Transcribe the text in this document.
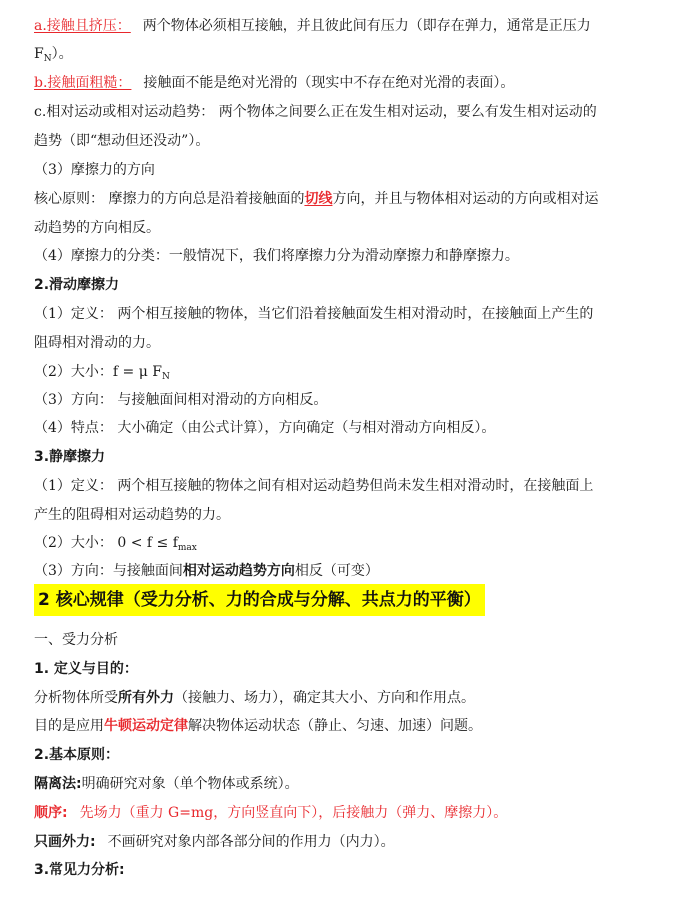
a.接触且挤压： 两个物体必须相互接触，并且彼此间有压力（即存在弹力，通常是正压力
$F_N$）。
b.接触面粗糙： 接触面不能是绝对光滑的（现实中不存在绝对光滑的表面）。
c.相对运动或相对运动趋势： 两个物体之间要么正在发生相对运动，要么有发生相对运动的
趋势（即“想动但还没动”）。
（3）摩擦力的方向
核心原则： 摩擦力的方向总是沿着接触面的切线方向，并且与物体相对运动的方向或相对运
动趋势的方向相反。
（4）摩擦力的分类：一般情况下，我们将摩擦力分为滑动摩擦力和静摩擦力。
2.滑动摩擦力
（1）定义： 两个相互接触的物体，当它们沿着接触面发生相对滑动时，在接触面上产生的
阻碍相对滑动的力。
（2）大小：f = μ $F_N$
（3）方向： 与接触面间相对滑动的方向相反。
（4）特点： 大小确定（由公式计算），方向确定（与相对滑动方向相反）。
3.静摩擦力
（1）定义： 两个相互接触的物体之间有相对运动趋势但尚未发生相对滑动时，在接触面上
产生的阻碍相对运动趋势的力。
（2）大小： $0 < f \le f_{max}$
（3）方向：与接触面间相对运动趋势方向相反（可变）
2 核心规律（受力分析、力的合成与分解、共点力的平衡）
一、受力分析
1. 定义与目的：
分析物体所受所有外力（接触力、场力），确定其大小、方向和作用点。
目的是应用牛顿运动定律解决物体运动状态（静止、匀速、加速）问题。
2.基本原则：
隔离法:明确研究对象（单个物体或系统）。
顺序: 先场力（重力 G=mg，方向竖直向下），后接触力（弹力、摩擦力）。
只画外力: 不画研究对象内部各部分间的作用力（内力）。
3.常见力分析:
